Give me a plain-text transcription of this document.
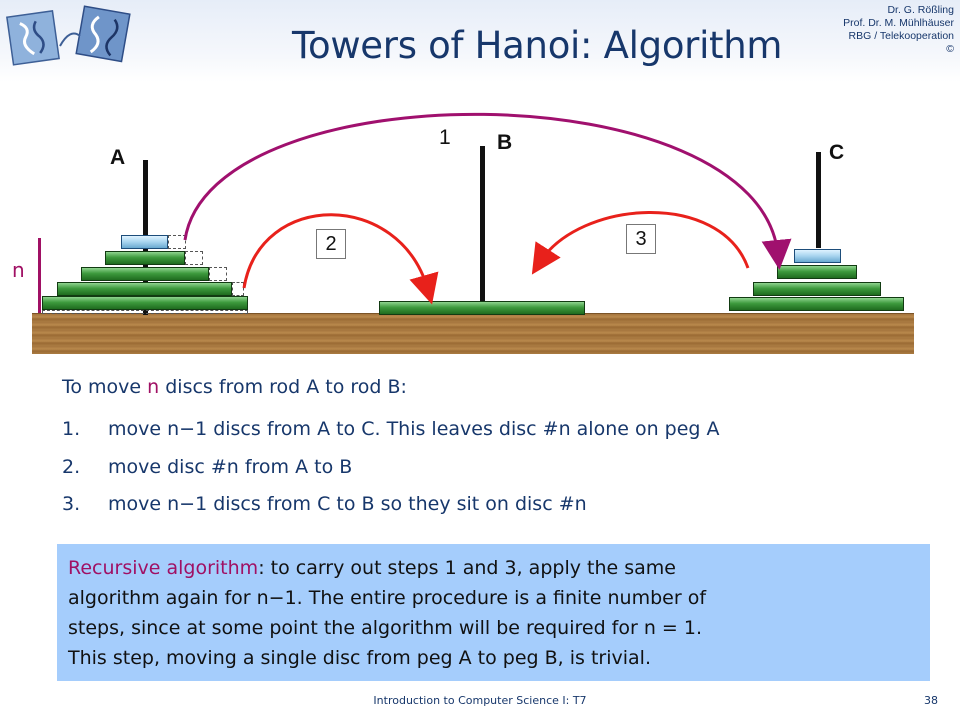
Towers of Hanoi: Algorithm
Dr. G. Rößling
Prof. Dr. M. Mühlhäuser
RBG / Telekooperation
©
A
B	C
1
2	3
n
To move n discs from rod A to rod B:
1. move n−1 discs from A to C. This leaves disc #n alone on peg A
2. move disc #n from A to B
3. move n−1 discs from C to B so they sit on disc #n
Recursive algorithm: to carry out steps 1 and 3, apply the same
algorithm again for n−1. The entire procedure is a finite number of
steps, since at some point the algorithm will be required for n = 1.
This step, moving a single disc from peg A to peg B, is trivial.
Introduction to Computer Science I: T7	38
